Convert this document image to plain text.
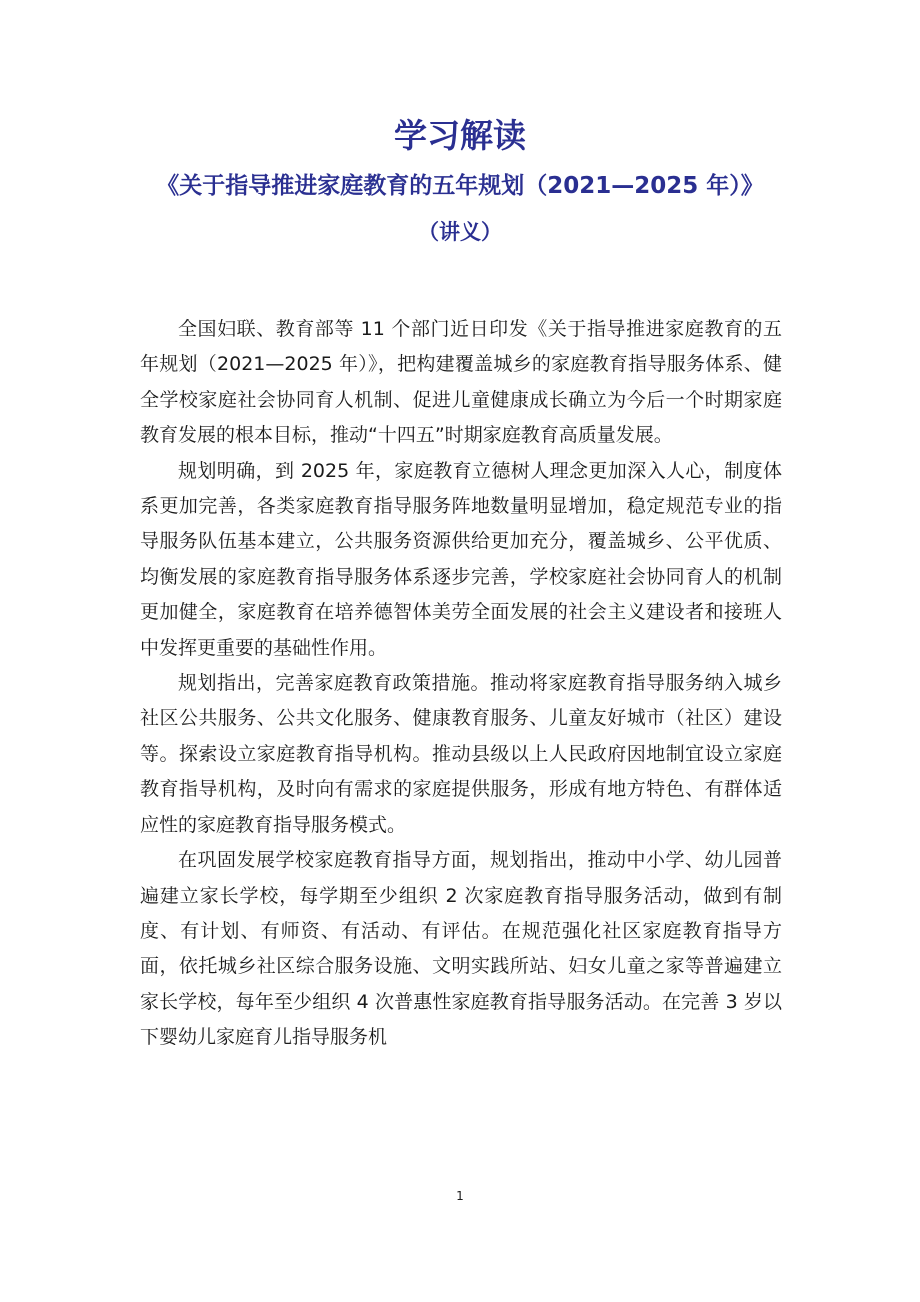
学习解读
《关于指导推进家庭教育的五年规划（2021—2025 年）》
（讲义）

全国妇联、教育部等 11 个部门近日印发《关于指导推进家庭教育的五年规划（2021—2025 年）》，把构建覆盖城乡的家庭教育指导服务体系、健全学校家庭社会协同育人机制、促进儿童健康成长确立为今后一个时期家庭教育发展的根本目标，推动“十四五”时期家庭教育高质量发展。

规划明确，到 2025 年，家庭教育立德树人理念更加深入人心，制度体系更加完善，各类家庭教育指导服务阵地数量明显增加，稳定规范专业的指导服务队伍基本建立，公共服务资源供给更加充分，覆盖城乡、公平优质、均衡发展的家庭教育指导服务体系逐步完善，学校家庭社会协同育人的机制更加健全，家庭教育在培养德智体美劳全面发展的社会主义建设者和接班人中发挥更重要的基础性作用。

规划指出，完善家庭教育政策措施。推动将家庭教育指导服务纳入城乡社区公共服务、公共文化服务、健康教育服务、儿童友好城市（社区）建设等。探索设立家庭教育指导机构。推动县级以上人民政府因地制宜设立家庭教育指导机构，及时向有需求的家庭提供服务，形成有地方特色、有群体适应性的家庭教育指导服务模式。

在巩固发展学校家庭教育指导方面，规划指出，推动中小学、幼儿园普遍建立家长学校，每学期至少组织 2 次家庭教育指导服务活动，做到有制度、有计划、有师资、有活动、有评估。在规范强化社区家庭教育指导方面，依托城乡社区综合服务设施、文明实践所站、妇女儿童之家等普遍建立家长学校，每年至少组织 4 次普惠性家庭教育指导服务活动。在完善 3 岁以下婴幼儿家庭育儿指导服务机

1
